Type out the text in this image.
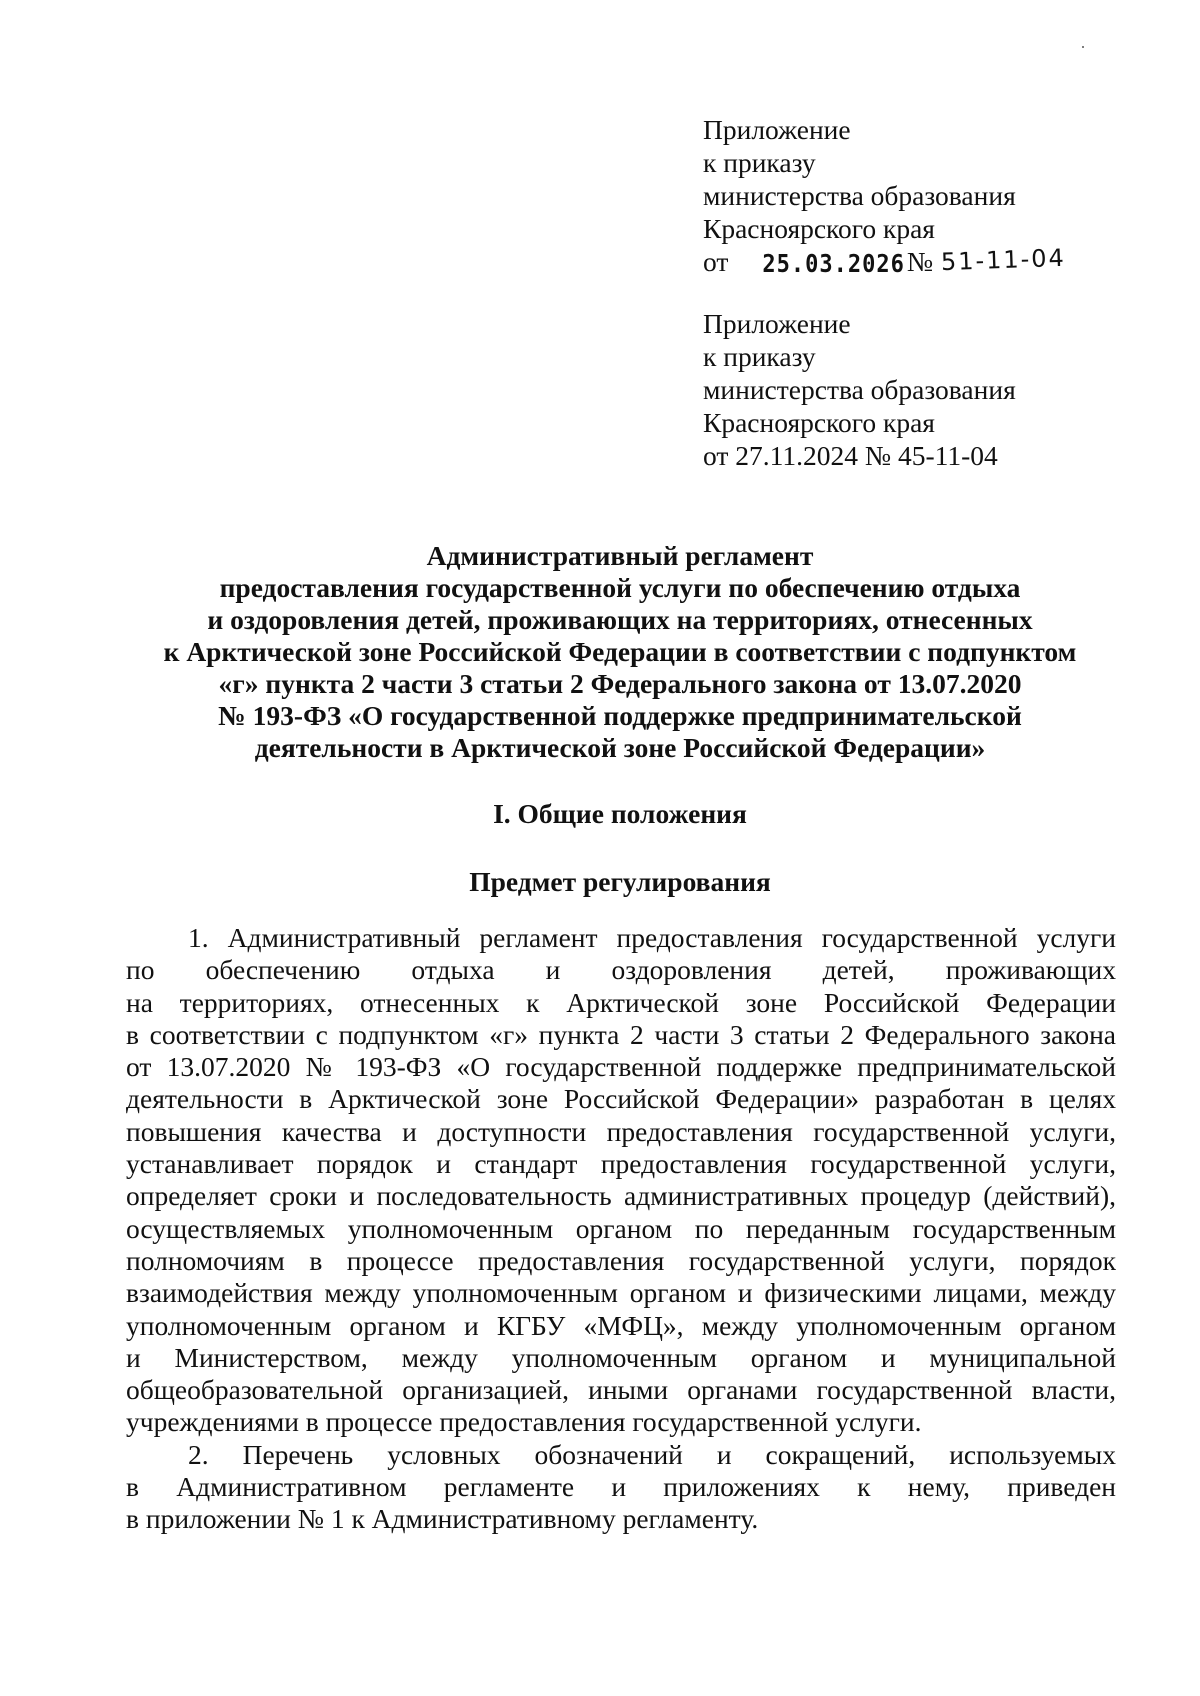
Приложение
к приказу
министерства образования
Красноярского края
от 25.03.2026 № 51-11-04
Приложение
к приказу
министерства образования
Красноярского края
от 27.11.2024 № 45-11-04
Административный регламент
предоставления государственной услуги по обеспечению отдыха
и оздоровления детей, проживающих на территориях, отнесенных
к Арктической зоне Российской Федерации в соответствии с подпунктом
«г» пункта 2 части 3 статьи 2 Федерального закона от 13.07.2020
№ 193-ФЗ «О государственной поддержке предпринимательской
деятельности в Арктической зоне Российской Федерации»
I. Общие положения
Предмет регулирования
1. Административный регламент предоставления государственной услуги
по обеспечению отдыха и оздоровления детей, проживающих
на территориях, отнесенных к Арктической зоне Российской Федерации
в соответствии с подпунктом «г» пункта 2 части 3 статьи 2 Федерального закона
от 13.07.2020 № 193-ФЗ «О государственной поддержке предпринимательской
деятельности в Арктической зоне Российской Федерации» разработан в целях
повышения качества и доступности предоставления государственной услуги,
устанавливает порядок и стандарт предоставления государственной услуги,
определяет сроки и последовательность административных процедур (действий),
осуществляемых уполномоченным органом по переданным государственным
полномочиям в процессе предоставления государственной услуги, порядок
взаимодействия между уполномоченным органом и физическими лицами, между
уполномоченным органом и КГБУ «МФЦ», между уполномоченным органом
и Министерством, между уполномоченным органом и муниципальной
общеобразовательной организацией, иными органами государственной власти,
учреждениями в процессе предоставления государственной услуги.
2. Перечень условных обозначений и сокращений, используемых
в Административном регламенте и приложениях к нему, приведен
в приложении № 1 к Административному регламенту.
